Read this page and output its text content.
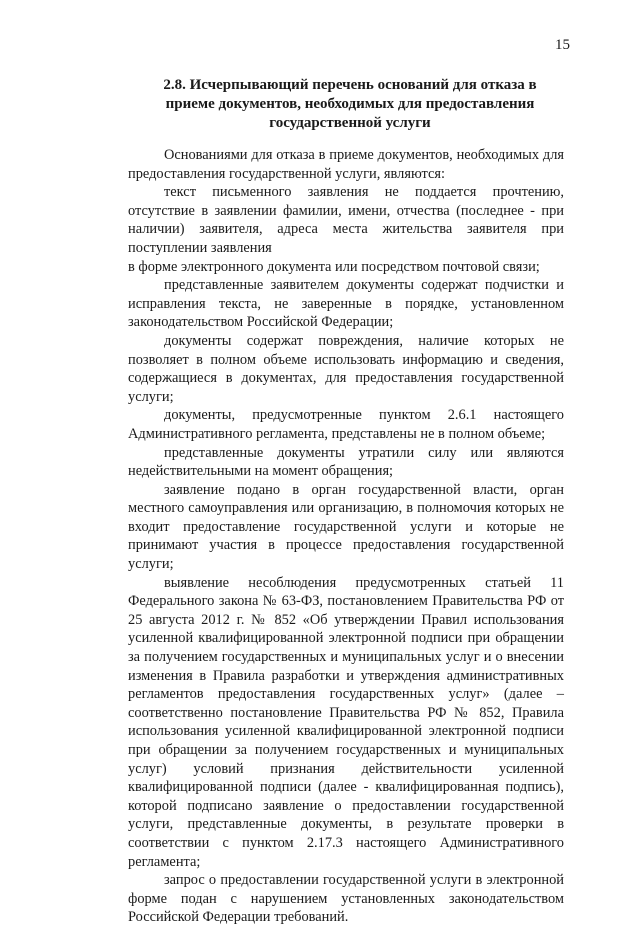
15
2.8. Исчерпывающий перечень оснований для отказа в приеме документов, необходимых для предоставления государственной услуги

Основаниями для отказа в приеме документов, необходимых для предоставления государственной услуги, являются:

текст письменного заявления не поддается прочтению, отсутствие в заявлении фамилии, имени, отчества (последнее - при наличии) заявителя, адреса места жительства заявителя при поступлении заявления

в форме электронного документа или посредством почтовой связи;

представленные заявителем документы содержат подчистки и исправления текста, не заверенные в порядке, установленном законодательством Российской Федерации;

документы содержат повреждения, наличие которых не позволяет в полном объеме использовать информацию и сведения, содержащиеся в документах, для предоставления государственной услуги;

документы, предусмотренные пунктом 2.6.1 настоящего Административного регламента, представлены не в полном объеме;

представленные документы утратили силу или являются недействительными на момент обращения;

заявление подано в орган государственной власти, орган местного самоуправления или организацию, в полномочия которых не входит предоставление государственной услуги и которые не принимают участия в процессе предоставления государственной услуги;

выявление несоблюдения предусмотренных статьей 11 Федерального закона № 63-ФЗ, постановлением Правительства РФ от 25 августа 2012 г. № 852 «Об утверждении Правил использования усиленной квалифицированной электронной подписи при обращении за получением государственных и муниципальных услуг и о внесении изменения в Правила разработки и утверждения административных регламентов предоставления государственных услуг» (далее – соответственно постановление Правительства РФ № 852, Правила использования усиленной квалифицированной электронной подписи при обращении за получением государственных и муниципальных услуг) условий признания действительности усиленной квалифицированной подписи (далее - квалифицированная подпись), которой подписано заявление о предоставлении государственной услуги, представленные документы, в результате проверки в соответствии с пунктом 2.17.3 настоящего Административного регламента;

запрос о предоставлении государственной услуги в электронной форме подан с нарушением установленных законодательством Российской Федерации требований.
